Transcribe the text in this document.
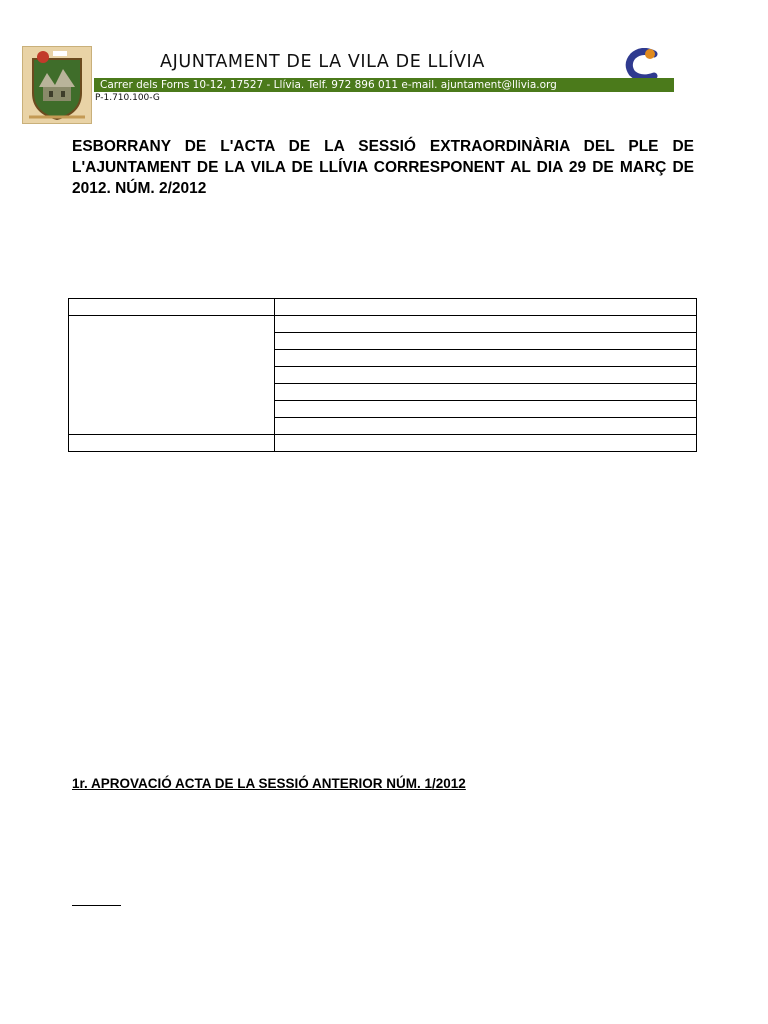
AJUNTAMENT DE LA VILA DE LLÍVIA
Carrer dels Forns 10-12, 17527 - Llívia. Telf. 972 896 011 e-mail. ajuntament@llivia.org
P-1.710.100-G
ESBORRANY DE L'ACTA DE LA SESSIÓ EXTRAORDINÀRIA DEL PLE DE L'AJUNTAMENT DE LA VILA DE LLÍVIA CORRESPONENT AL DIA 29 DE MARÇ DE 2012. NÚM. 2/2012

1r. APROVACIÓ ACTA DE LA SESSIÓ ANTERIOR NÚM. 1/2012
